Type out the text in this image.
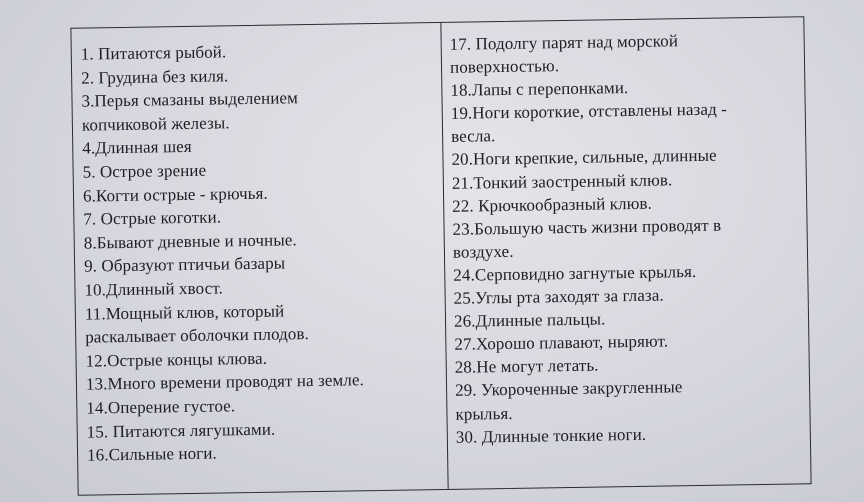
1. Питаются рыбой.
2. Грудина без киля.
3.Перья смазаны выделением
копчиковой железы.
4.Длинная шея
5. Острое зрение
6.Когти острые - крючья.
7. Острые коготки.
8.Бывают дневные и ночные.
9. Образуют птичьи базары
10.Длинный хвост.
11.Мощный клюв, который
раскалывает оболочки плодов.
12.Острые концы клюва.
13.Много времени проводят на земле.
14.Оперение густое.
15. Питаются лягушками.
16.Сильные ноги.
17. Подолгу парят над морской
поверхностью.
18.Лапы с перепонками.
19.Ноги короткие, отставлены назад -
весла.
20.Ноги крепкие, сильные, длинные
21.Тонкий заостренный клюв.
22. Крючкообразный клюв.
23.Большую часть жизни проводят в
воздухе.
24.Серповидно загнутые крылья.
25.Углы рта заходят за глаза.
26.Длинные пальцы.
27.Хорошо плавают, ныряют.
28.Не могут летать.
29. Укороченные закругленные
крылья.
30. Длинные тонкие ноги.
